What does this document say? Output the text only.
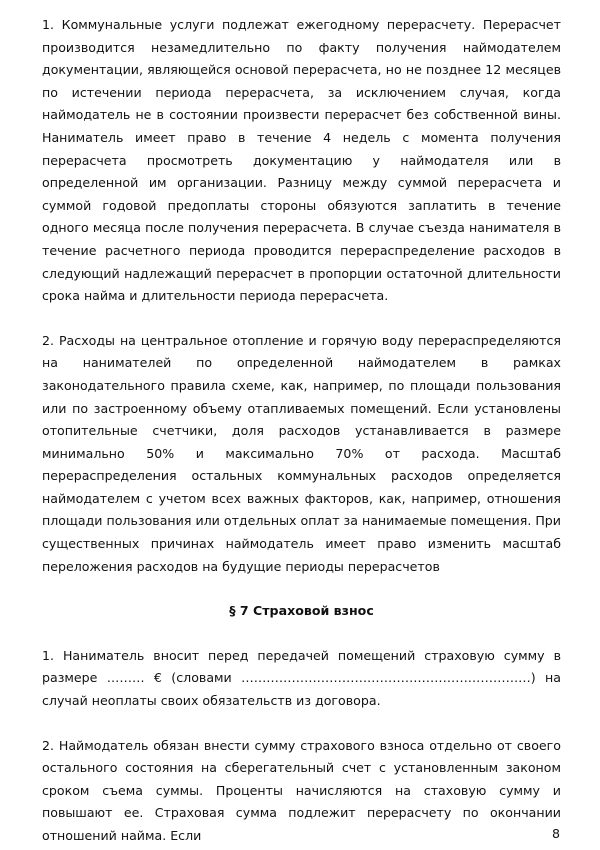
1. Коммунальные услуги подлежат ежегодному перерасчету. Перерасчет производится незамедлительно по факту получения наймодателем документации, являющейся основой перерасчета, но не позднее 12 месяцев по истечении периода перерасчета, за исключением случая, когда наймодатель не в состоянии произвести перерасчет без собственной вины. Наниматель имеет право в течение 4 недель с момента получения перерасчета просмотреть документацию у наймодателя или в определенной им организации. Разницу между суммой перерасчета и суммой годовой предоплаты стороны обязуются заплатить в течение одного месяца после получения перерасчета. В случае съезда нанимателя в течение расчетного периода проводится перераспределение расходов в следующий надлежащий перерасчет в пропорции остаточной длительности срока найма и длительности периода перерасчета.

2. Расходы на центральное отопление и горячую воду перераспределяются на нанимателей по определенной наймодателем в рамках законодательного правила схеме, как, например, по площади пользования или по застроенному объему отапливаемых помещений. Если установлены отопительные счетчики, доля расходов устанавливается в размере минимально 50% и максимально 70% от расхода. Масштаб перераспределения остальных коммунальных расходов определяется наймодателем с учетом всех важных факторов, как, например, отношения площади пользования или отдельных оплат за нанимаемые помещения. При существенных причинах наймодатель имеет право изменить масштаб переложения расходов на будущие периоды перерасчетов

§ 7 Страховой взнос

1. Наниматель вносит перед передачей помещений страховую сумму в размере ……… € (словами ……………………………………………………………) на случай неоплаты своих обязательств из договора.

2. Наймодатель обязан внести сумму страхового взноса отдельно от своего остального состояния на сберегательный счет с установленным законом сроком съема суммы. Проценты начисляются на стаховую сумму и повышают ее. Страховая сумма подлежит перерасчету по окончании отношений найма. Если	8
